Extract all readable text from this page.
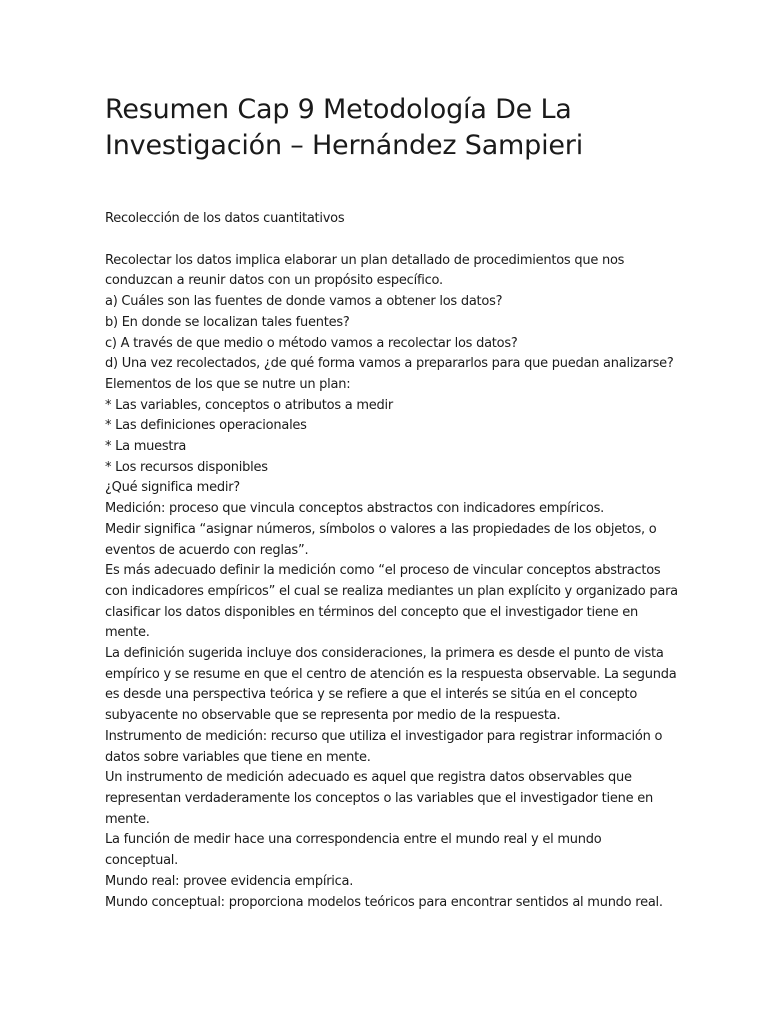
Resumen Cap 9 Metodología De La
Investigación – Hernández Sampieri
Recolección de los datos cuantitativos
Recolectar los datos implica elaborar un plan detallado de procedimientos que nos
conduzcan a reunir datos con un propósito específico.
a) Cuáles son las fuentes de donde vamos a obtener los datos?
b) En donde se localizan tales fuentes?
c) A través de que medio o método vamos a recolectar los datos?
d) Una vez recolectados, ¿de qué forma vamos a prepararlos para que puedan analizarse?
Elementos de los que se nutre un plan:
* Las variables, conceptos o atributos a medir
* Las definiciones operacionales
* La muestra
* Los recursos disponibles
¿Qué significa medir?
Medición: proceso que vincula conceptos abstractos con indicadores empíricos.
Medir significa “asignar números, símbolos o valores a las propiedades de los objetos, o
eventos de acuerdo con reglas”.
Es más adecuado definir la medición como “el proceso de vincular conceptos abstractos
con indicadores empíricos” el cual se realiza mediantes un plan explícito y organizado para
clasificar los datos disponibles en términos del concepto que el investigador tiene en
mente.
La definición sugerida incluye dos consideraciones, la primera es desde el punto de vista
empírico y se resume en que el centro de atención es la respuesta observable. La segunda
es desde una perspectiva teórica y se refiere a que el interés se sitúa en el concepto
subyacente no observable que se representa por medio de la respuesta.
Instrumento de medición: recurso que utiliza el investigador para registrar información o
datos sobre variables que tiene en mente.
Un instrumento de medición adecuado es aquel que registra datos observables que
representan verdaderamente los conceptos o las variables que el investigador tiene en
mente.
La función de medir hace una correspondencia entre el mundo real y el mundo
conceptual.
Mundo real: provee evidencia empírica.
Mundo conceptual: proporciona modelos teóricos para encontrar sentidos al mundo real.
